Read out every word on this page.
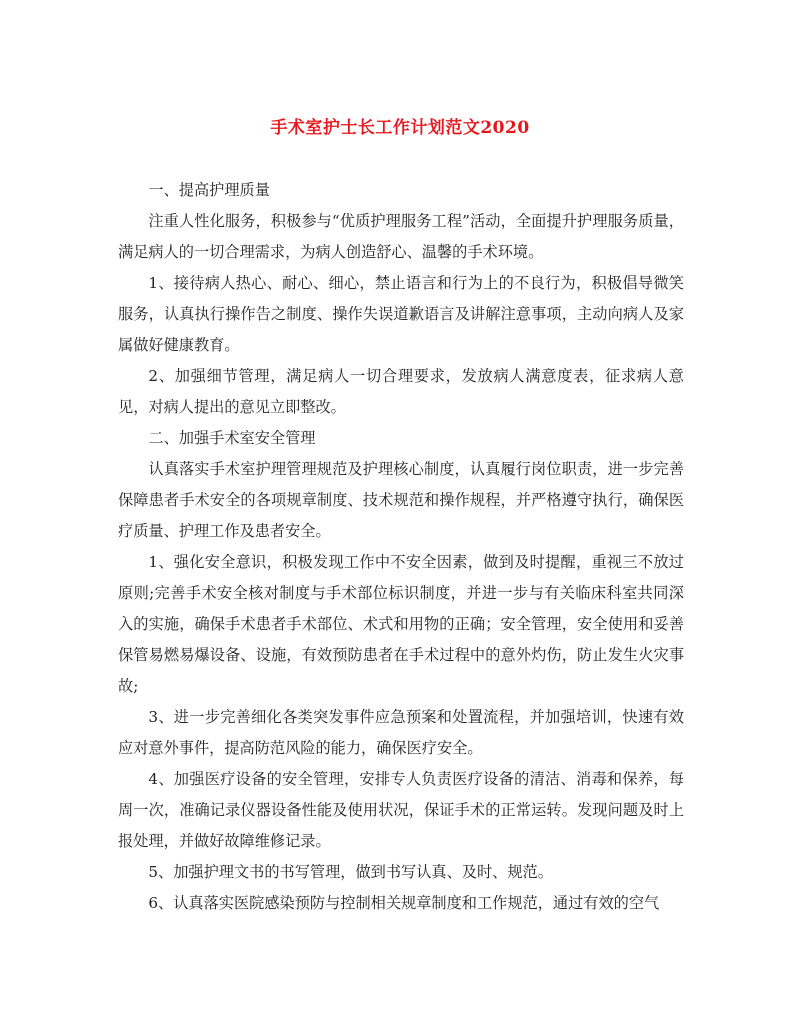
手术室护士长工作计划范文2020

一、提高护理质量

注重人性化服务，积极参与“优质护理服务工程”活动，全面提升护理服务质量，满足病人的一切合理需求，为病人创造舒心、温馨的手术环境。

1、接待病人热心、耐心、细心，禁止语言和行为上的不良行为，积极倡导微笑服务，认真执行操作告之制度、操作失误道歉语言及讲解注意事项，主动向病人及家属做好健康教育。

2、加强细节管理，满足病人一切合理要求，发放病人满意度表，征求病人意见，对病人提出的意见立即整改。

二、加强手术室安全管理

认真落实手术室护理管理规范及护理核心制度，认真履行岗位职责，进一步完善保障患者手术安全的各项规章制度、技术规范和操作规程，并严格遵守执行，确保医疗质量、护理工作及患者安全。

1、强化安全意识，积极发现工作中不安全因素，做到及时提醒，重视三不放过原则;完善手术安全核对制度与手术部位标识制度，并进一步与有关临床科室共同深入的实施，确保手术患者手术部位、术式和用物的正确；安全管理，安全使用和妥善保管易燃易爆设备、设施，有效预防患者在手术过程中的意外灼伤，防止发生火灾事故;

3、进一步完善细化各类突发事件应急预案和处置流程，并加强培训，快速有效应对意外事件，提高防范风险的能力，确保医疗安全。

4、加强医疗设备的安全管理，安排专人负责医疗设备的清洁、消毒和保养，每周一次，准确记录仪器设备性能及使用状况，保证手术的正常运转。发现问题及时上报处理，并做好故障维修记录。

5、加强护理文书的书写管理，做到书写认真、及时、规范。

6、认真落实医院感染预防与控制相关规章制度和工作规范，通过有效的空气
